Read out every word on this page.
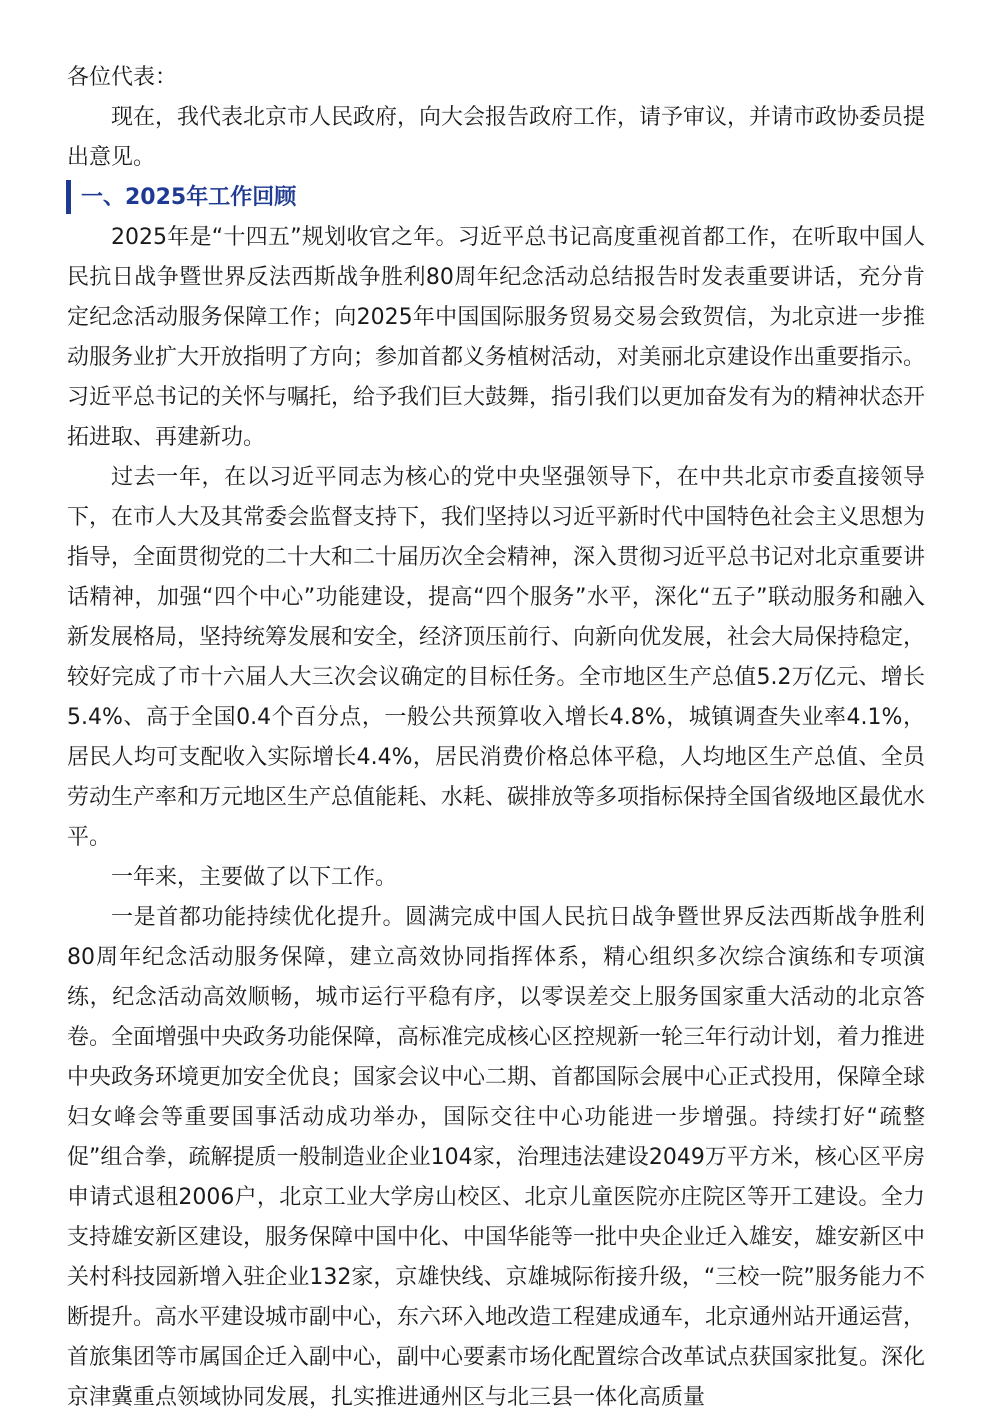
各位代表：

现在，我代表北京市人民政府，向大会报告政府工作，请予审议，并请市政协委员提出意见。

一、2025年工作回顾

2025年是“十四五”规划收官之年。习近平总书记高度重视首都工作，在听取中国人民抗日战争暨世界反法西斯战争胜利80周年纪念活动总结报告时发表重要讲话，充分肯定纪念活动服务保障工作；向2025年中国国际服务贸易交易会致贺信，为北京进一步推动服务业扩大开放指明了方向；参加首都义务植树活动，对美丽北京建设作出重要指示。习近平总书记的关怀与嘱托，给予我们巨大鼓舞，指引我们以更加奋发有为的精神状态开拓进取、再建新功。

过去一年，在以习近平同志为核心的党中央坚强领导下，在中共北京市委直接领导下，在市人大及其常委会监督支持下，我们坚持以习近平新时代中国特色社会主义思想为指导，全面贯彻党的二十大和二十届历次全会精神，深入贯彻习近平总书记对北京重要讲话精神，加强“四个中心”功能建设，提高“四个服务”水平，深化“五子”联动服务和融入新发展格局，坚持统筹发展和安全，经济顶压前行、向新向优发展，社会大局保持稳定，较好完成了市十六届人大三次会议确定的目标任务。全市地区生产总值5.2万亿元、增长5.4%、高于全国0.4个百分点，一般公共预算收入增长4.8%，城镇调查失业率4.1%，居民人均可支配收入实际增长4.4%，居民消费价格总体平稳，人均地区生产总值、全员劳动生产率和万元地区生产总值能耗、水耗、碳排放等多项指标保持全国省级地区最优水平。

一年来，主要做了以下工作。

一是首都功能持续优化提升。圆满完成中国人民抗日战争暨世界反法西斯战争胜利80周年纪念活动服务保障，建立高效协同指挥体系，精心组织多次综合演练和专项演练，纪念活动高效顺畅，城市运行平稳有序，以零误差交上服务国家重大活动的北京答卷。全面增强中央政务功能保障，高标准完成核心区控规新一轮三年行动计划，着力推进中央政务环境更加安全优良；国家会议中心二期、首都国际会展中心正式投用，保障全球妇女峰会等重要国事活动成功举办，国际交往中心功能进一步增强。持续打好“疏整促”组合拳，疏解提质一般制造业企业104家，治理违法建设2049万平方米，核心区平房申请式退租2006户，北京工业大学房山校区、北京儿童医院亦庄院区等开工建设。全力支持雄安新区建设，服务保障中国中化、中国华能等一批中央企业迁入雄安，雄安新区中关村科技园新增入驻企业132家，京雄快线、京雄城际衔接升级，“三校一院”服务能力不断提升。高水平建设城市副中心，东六环入地改造工程建成通车，北京通州站开通运营，首旅集团等市属国企迁入副中心，副中心要素市场化配置综合改革试点获国家批复。深化京津冀重点领域协同发展，扎实推进通州区与北三县一体化高质量
